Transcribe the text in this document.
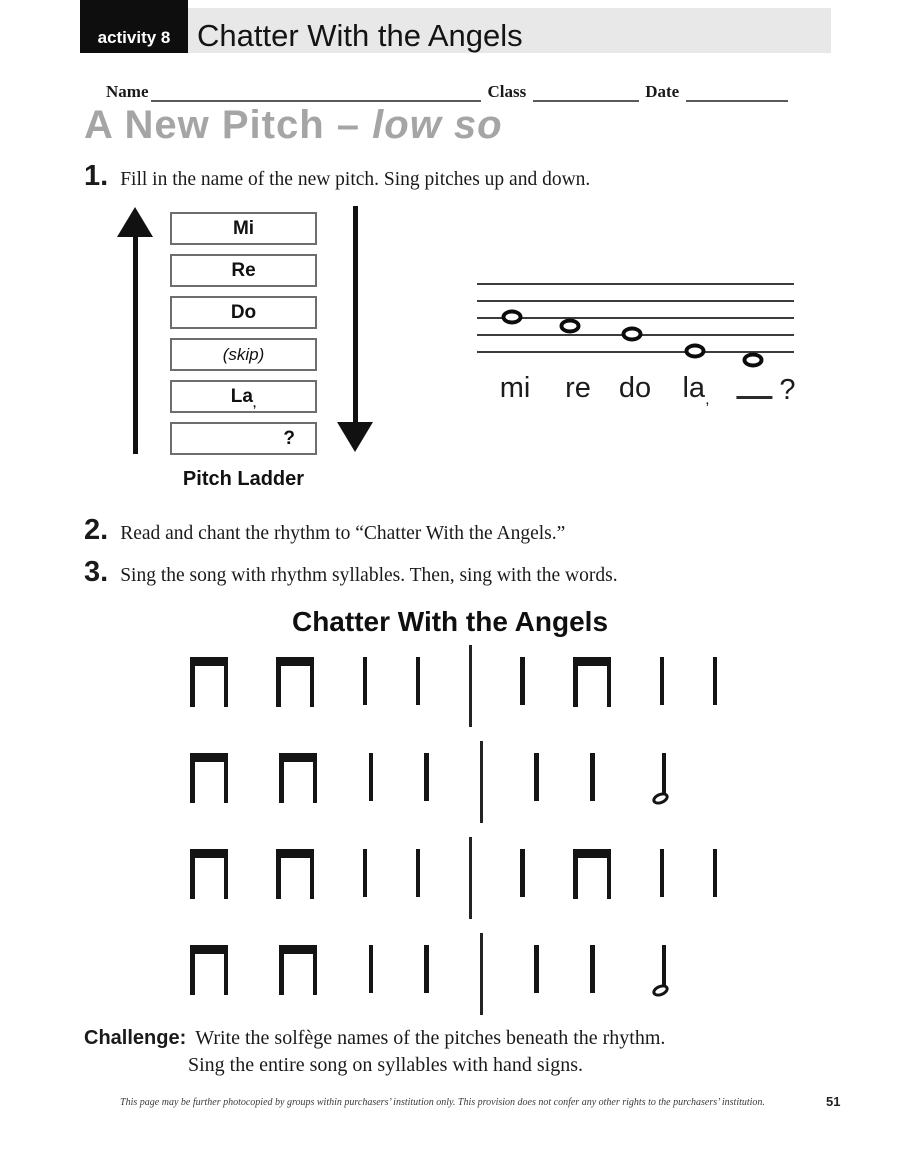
activity 8 Chatter With the Angels
Name	Class	Date
A New Pitch – low so
1. Fill in the name of the new pitch. Sing pitches up and down.
Mi
Re
Do
(skip)
$La_,$
?
Pitch Ladder
mi re do $la_,$	?
2. Read and chant the rhythm to “Chatter With the Angels.”
3. Sing the song with rhythm syllables. Then, sing with the words.
Chatter With the Angels
Challenge: Write the solfège names of the pitches beneath the rhythm.
Sing the entire song on syllables with hand signs.
This page may be further photocopied by groups within purchasers’ institution only. This provision does not confer any other rights to the purchasers’ institution.	51
